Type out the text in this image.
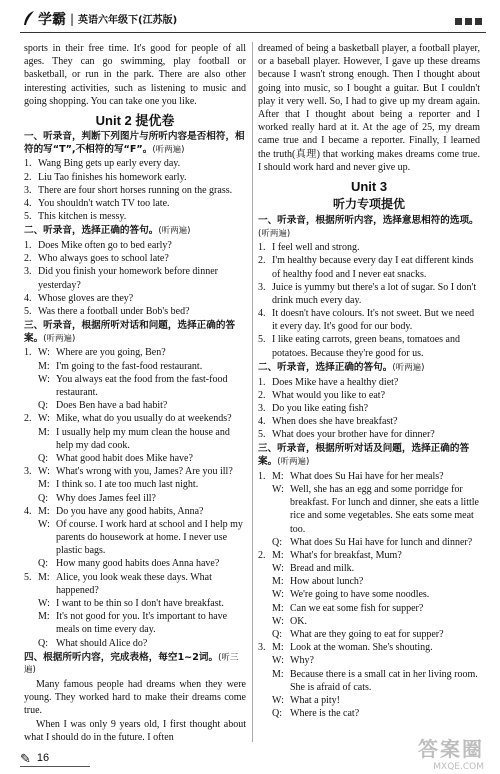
学霸 | 英语六年级下(江苏版)

sports in their free time. It's good for people of all ages. They can go swimming, play football or basketball, or run in the park. There are also other interesting activities, such as listening to music and going shopping. You can take one you like.

Unit 2 提优卷
一、听录音，判断下列图片与所听内容是否相符，相符的写“T”,不相符的写“F”。(听两遍)
1. Wang Bing gets up early every day.
2. Liu Tao finishes his homework early.
3. There are four short horses running on the grass.
4. You shouldn't watch TV too late.
5. This kitchen is messy.
二、听录音，选择正确的答句。(听两遍)
1. Does Mike often go to bed early?
2. Who always goes to school late?
3. Did you finish your homework before dinner yesterday?
4. Whose gloves are they?
5. Was there a football under Bob's bed?
三、听录音，根据所听对话和问题，选择正确的答案。(听两遍)
1. W: Where are you going, Ben?
M: I'm going to the fast-food restaurant.
W: You always eat the food from the fast-food restaurant.
Q: Does Ben have a bad habit?
2. W: Mike, what do you usually do at weekends?
M: I usually help my mum clean the house and help my dad cook.
Q: What good habit does Mike have?
3. W: What's wrong with you, James? Are you ill?
M: I think so. I ate too much last night.
Q: Why does James feel ill?
4. M: Do you have any good habits, Anna?
W: Of course. I work hard at school and I help my parents do housework at home. I never use plastic bags.
Q: How many good habits does Anna have?
5. M: Alice, you look weak these days. What happened?
W: I want to be thin so I don't have breakfast.
M: It's not good for you. It's important to have meals on time every day.
Q: What should Alice do?
四、根据所听内容，完成表格，每空1~2词。(听三遍)

Many famous people had dreams when they were young. They worked hard to make their dreams come true.

When I was only 9 years old, I first thought about what I should do in the future. I often

dreamed of being a basketball player, a football player, or a baseball player. However, I gave up these dreams because I wasn't strong enough. Then I thought about going into music, so I bought a guitar. But I couldn't play it very well. So, I had to give up my dream again. After that I thought about being a reporter and I worked really hard at it. At the age of 25, my dream came true and I became a reporter. Finally, I learned the truth(真理) that working makes dreams come true. I should work hard and never give up.

Unit 3
听力专项提优
一、听录音，根据所听内容，选择意思相符的选项。(听两遍)
1. I feel well and strong.
2. I'm healthy because every day I eat different kinds of healthy food and I never eat snacks.
3. Juice is yummy but there's a lot of sugar. So I don't drink much every day.
4. It doesn't have colours. It's not sweet. But we need it every day. It's good for our body.
5. I like eating carrots, green beans, tomatoes and potatoes. Because they're good for us.
二、听录音，选择正确的答句。(听两遍)
1. Does Mike have a healthy diet?
2. What would you like to eat?
3. Do you like eating fish?
4. When does she have breakfast?
5. What does your brother have for dinner?
三、听录音，根据所听对话及问题，选择正确的答案。(听两遍)
1. M: What does Su Hai have for her meals?
W: Well, she has an egg and some porridge for breakfast. For lunch and dinner, she eats a little rice and some vegetables. She eats some meat too.
Q: What does Su Hai have for lunch and dinner?
2. M: What's for breakfast, Mum?
W: Bread and milk.
M: How about lunch?
W: We're going to have some noodles.
M: Can we eat some fish for supper?
W: OK.
Q: What are they going to eat for supper?
3. M: Look at the woman. She's shouting.
W: Why?
M: Because there is a small cat in her living room. She is afraid of cats.
W: What a pity!
Q: Where is the cat?
✎ 16	答案圈
MXQE.COM
